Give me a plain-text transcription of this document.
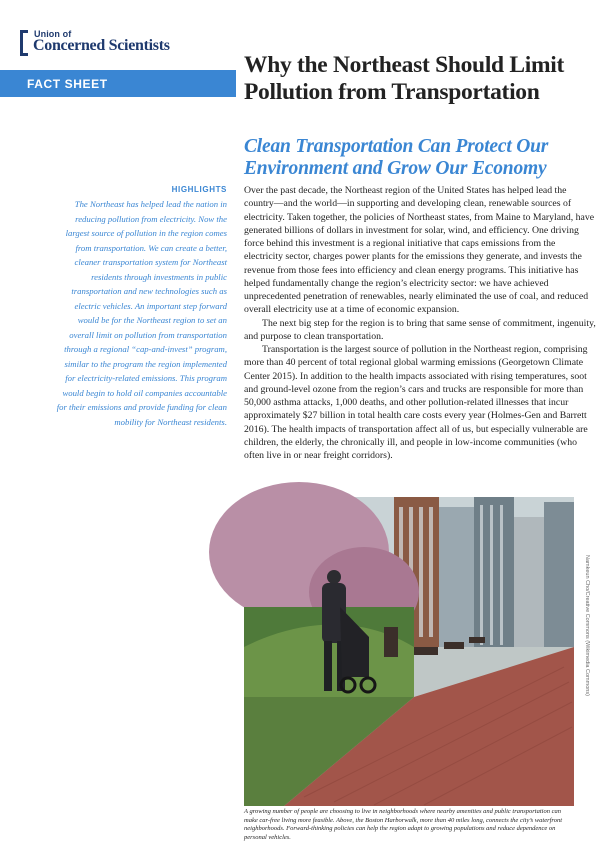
Union of
Concerned Scientists
FACT SHEET
Why the Northeast Should Limit Pollution from Transportation
Clean Transportation Can Protect Our Environment and Grow Our Economy
HIGHLIGHTS
The Northeast has helped lead the nation in reducing pollution from electricity. Now the largest source of pollution in the region comes from transportation. We can create a better, cleaner transportation system for Northeast residents through investments in public transportation and new technologies such as electric vehicles. An important step forward would be for the Northeast region to set an overall limit on pollution from transportation through a regional “cap-and-invest” program, similar to the program the region implemented for electricity-related emissions. This program would begin to hold oil companies accountable for their emissions and provide funding for clean mobility for Northeast residents.

Over the past decade, the Northeast region of the United States has helped lead the country—and the world—in supporting and developing clean, renewable sources of electricity. Taken together, the policies of Northeast states, from Maine to Maryland, have generated billions of dollars in investment for solar, wind, and efficiency. One driving force behind this investment is a regional initiative that caps emissions from the electricity sector, charges power plants for the emissions they generate, and invests the revenue from those fees into efficiency and clean energy programs. This initiative has helped fundamentally change the region’s electricity sector: we have achieved unprecedented penetration of renewables, nearly eliminated the use of coal, and reduced overall electricity use at a time of economic expansion.

The next big step for the region is to bring that same sense of commitment, ingenuity, and purpose to clean transportation.

Transportation is the largest source of pollution in the Northeast region, comprising more than 40 percent of total regional global warming emissions (Georgetown Climate Center 2015). In addition to the health impacts associated with rising temperatures, soot and ground-level ozone from the region’s cars and trucks are responsible for more than 50,000 asthma attacks, 1,000 deaths, and other pollution-related illnesses that incur approximately $27 billion in total health care costs every year (Holmes-Gen and Barrett 2016). The health impacts of transportation affect all of us, but especially vulnerable are children, the elderly, the chronically ill, and people in low-income communities (who often live in or near freight corridors).

Namkeun Cho/Creative Commons (Wikimedia Commons)

A growing number of people are choosing to live in neighborhoods where nearby amenities and public transportation can make car-free living more feasible. Above, the Boston Harborwalk, more than 40 miles long, connects the city’s waterfront neighborhoods. Forward-thinking policies can help the region adapt to growing populations and reduce dependence on personal vehicles.
